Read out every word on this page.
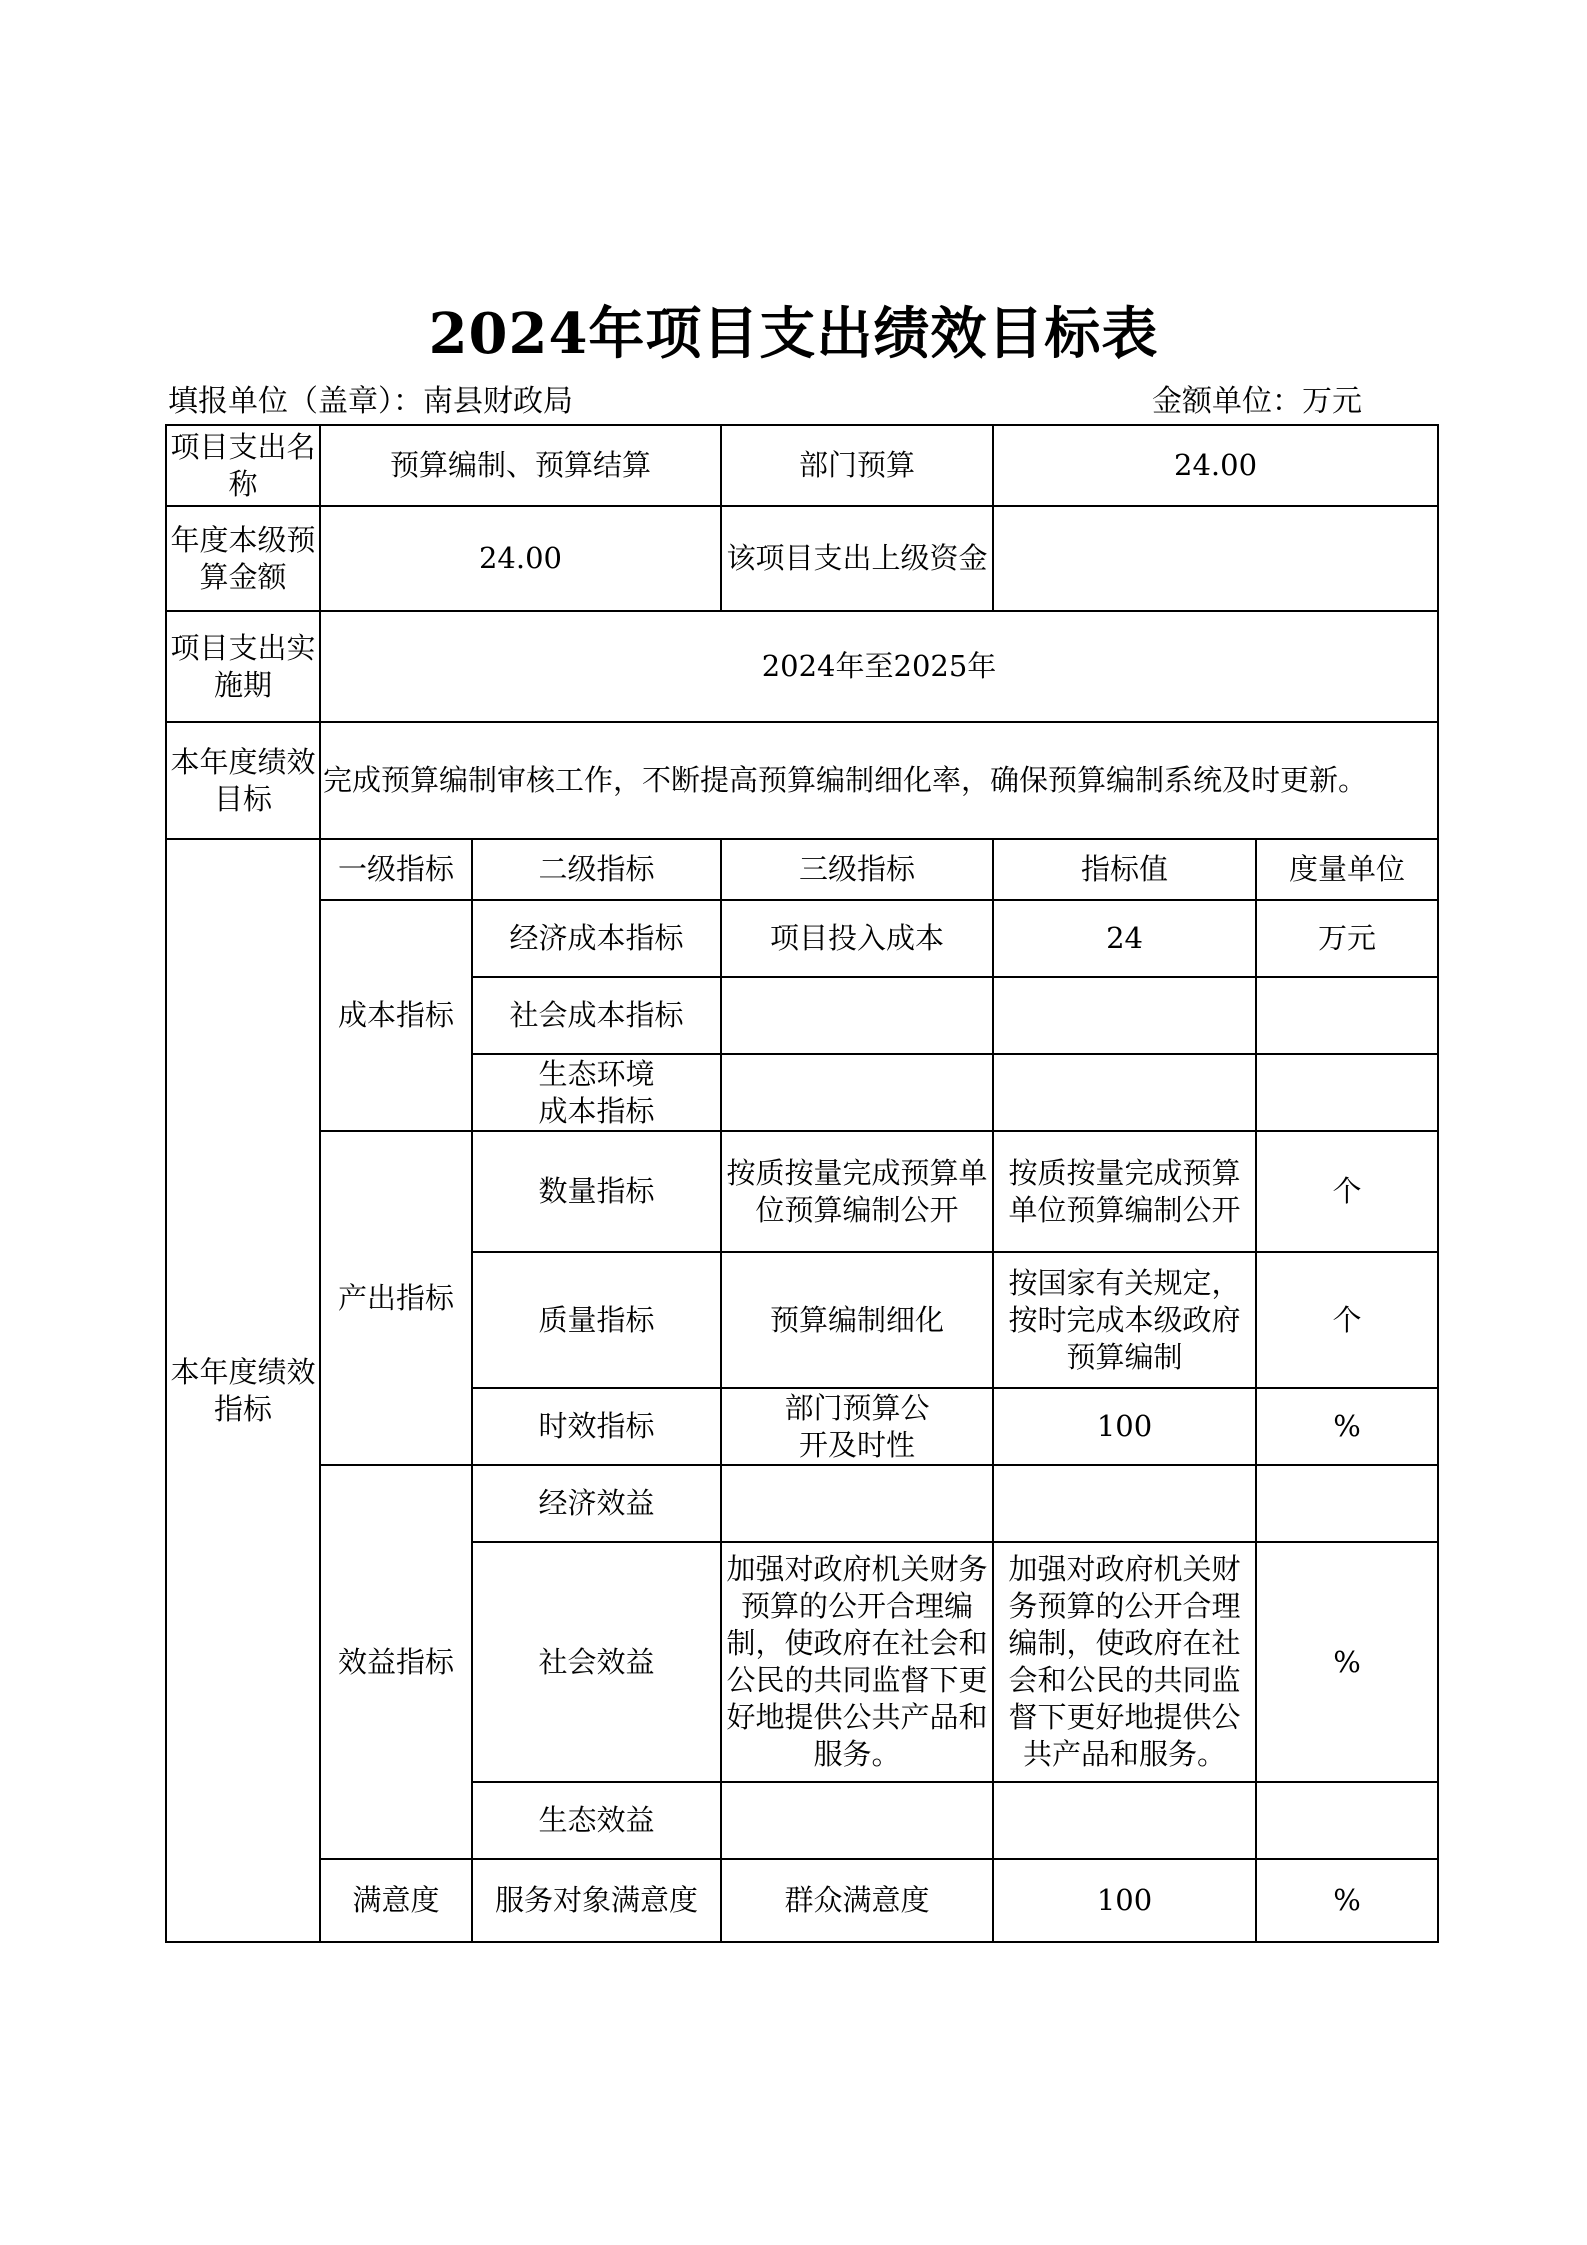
2024年项目支出绩效目标表
填报单位（盖章）：南县财政局	金额单位：万元
项目支出名称	预算编制、预算结算		部门预算	24.00	
年度本级预算金额	24.00		该项目支出上级资金		
项目支出实施期	2024年至2025年				
本年度绩效目标	完成预算编制审核工作，不断提高预算编制细化率，确保预算编制系统及时更新。				
本年度绩效指标	一级指标	二级指标	三级指标	指标值	度量单位
	成本指标	经济成本指标	项目投入成本	24	万元
		社会成本指标			
		生态环境成本指标			
	产出指标	数量指标	按质按量完成预算单位预算编制公开	按质按量完成预算单位预算编制公开	个
		质量指标	预算编制细化	按国家有关规定，按时完成本级政府预算编制	个
		时效指标	部门预算公开及时性	100	%
	效益指标	经济效益			
		社会效益	加强对政府机关财务预算的公开合理编制，使政府在社会和公民的共同监督下更好地提供公共产品和服务。	加强对政府机关财务预算的公开合理编制，使政府在社会和公民的共同监督下更好地提供公共产品和服务。	%
		生态效益			
	满意度	服务对象满意度	群众满意度	100	%
